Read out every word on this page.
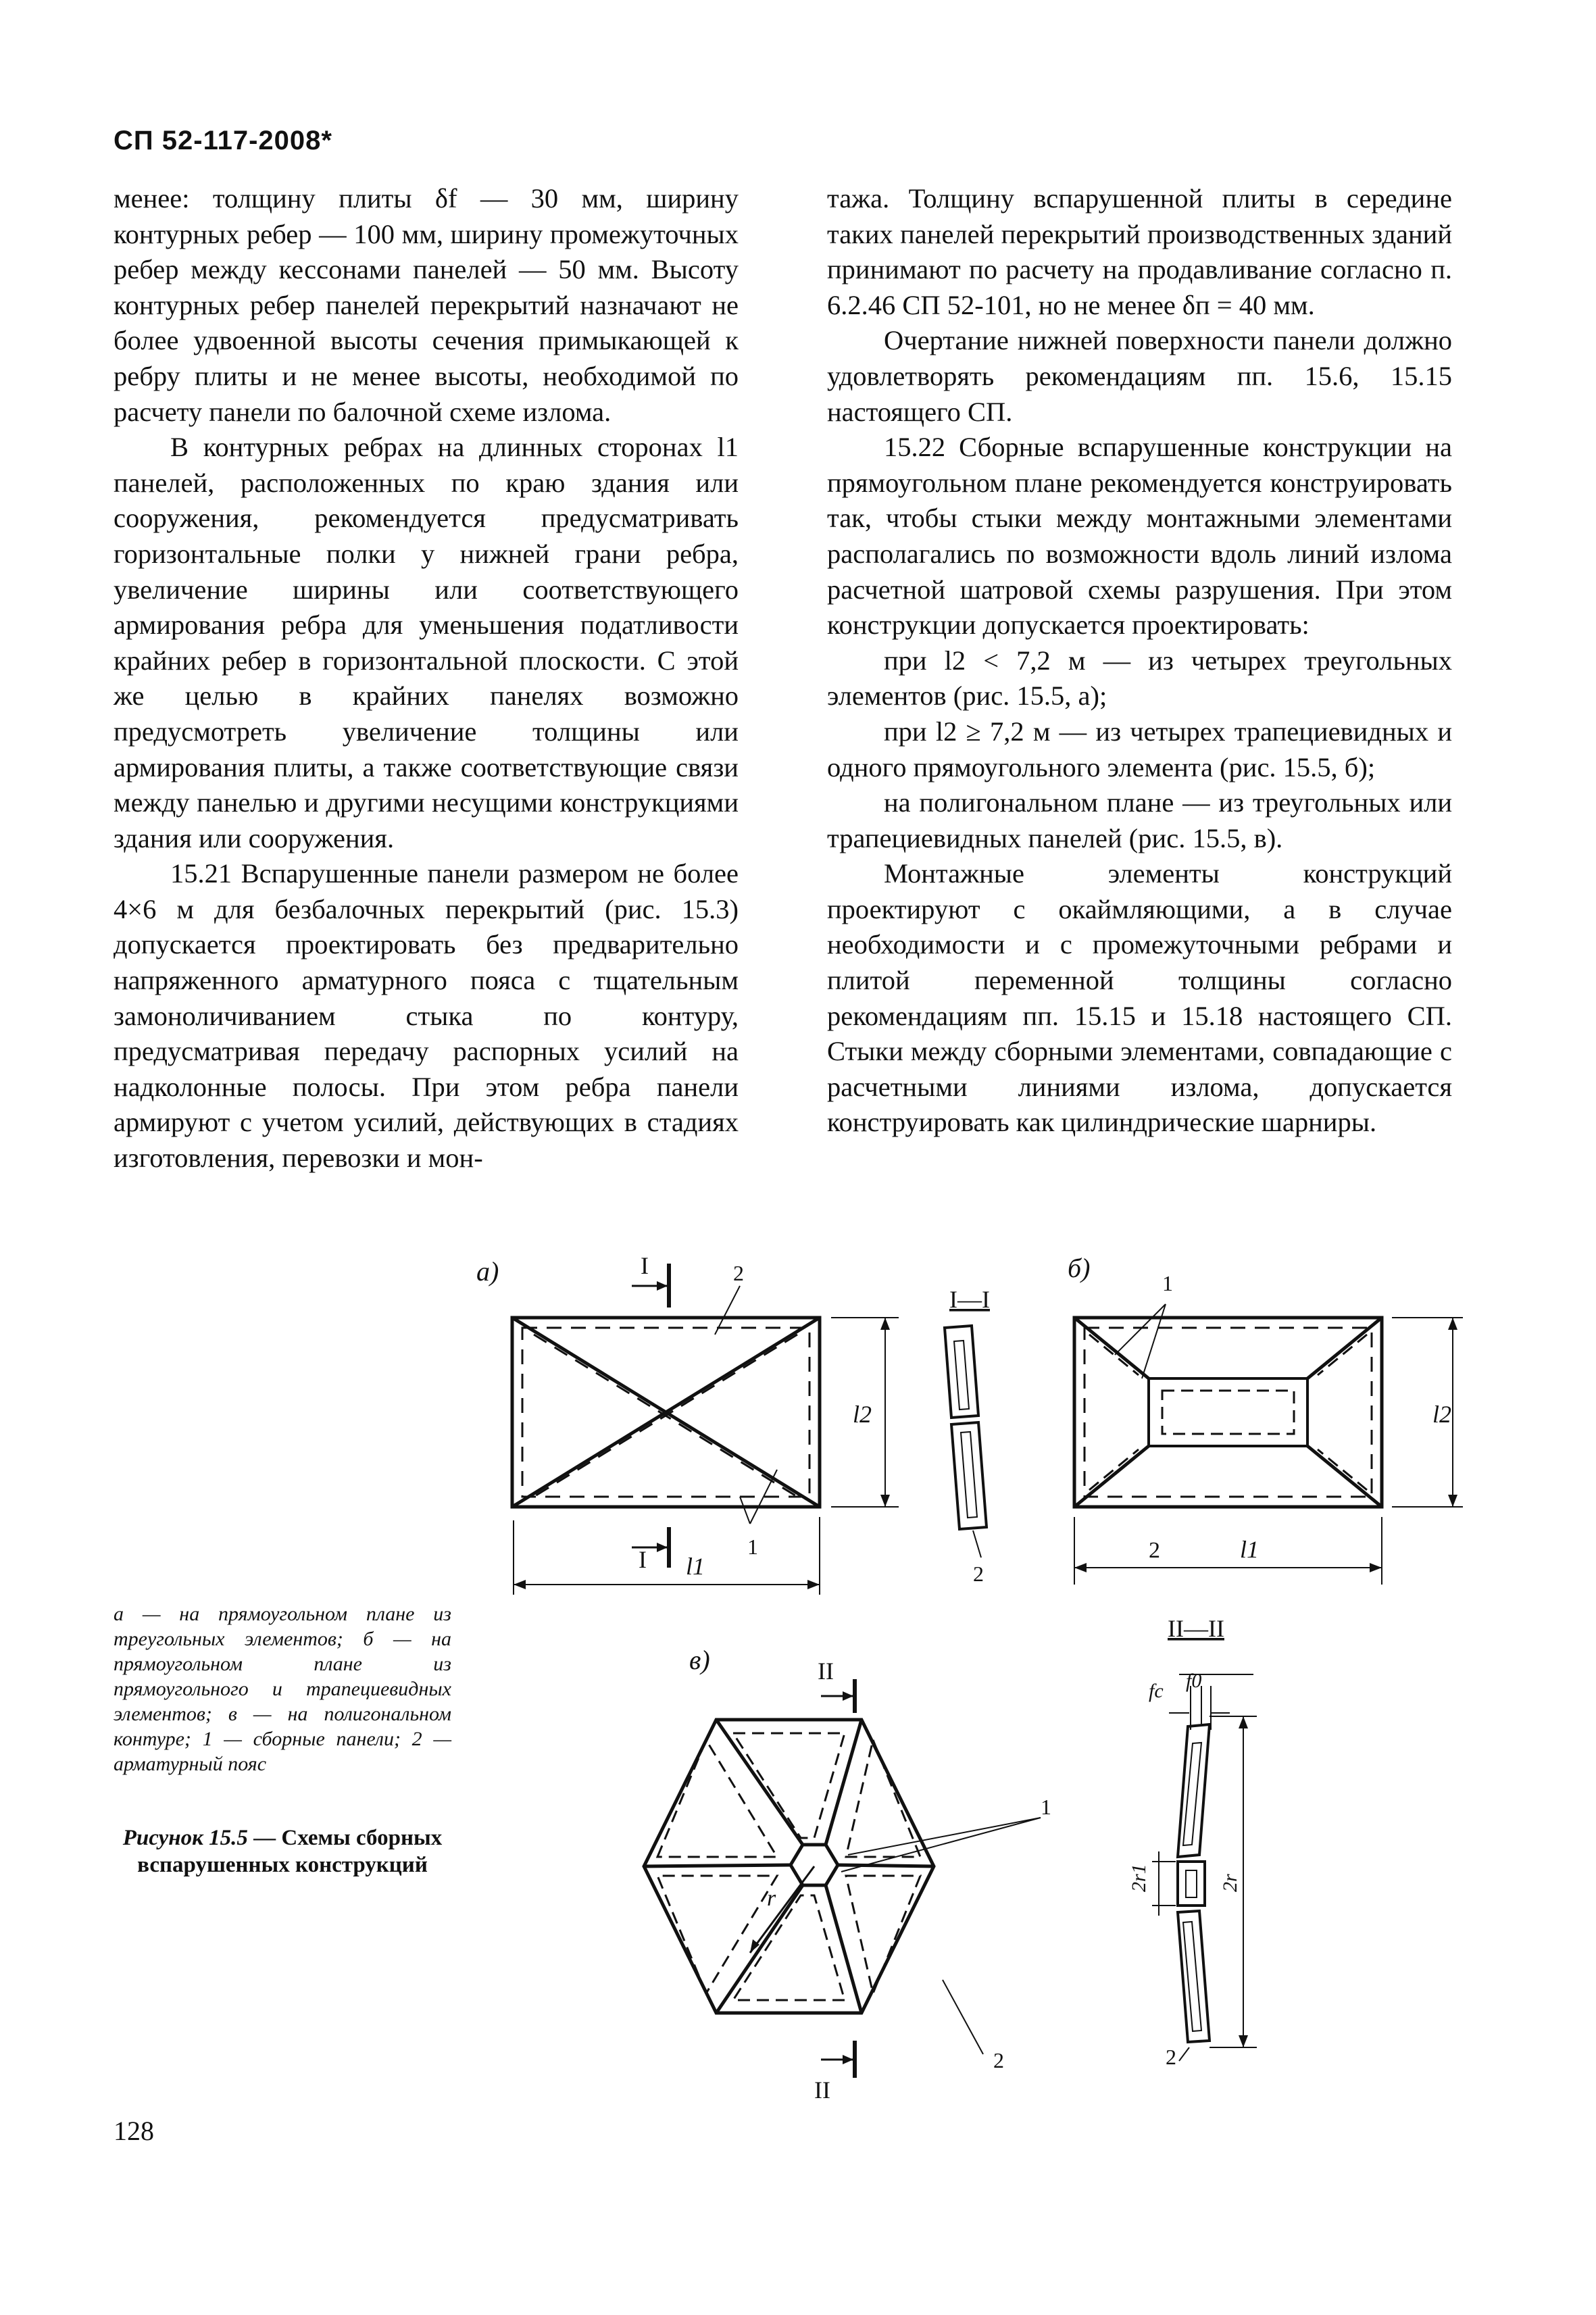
СП 52-117-2008*

менее: толщину плиты δf — 30 мм, ширину контурных ребер — 100 мм, ширину промежуточных ребер между кессонами панелей — 50 мм. Высоту контурных ребер панелей перекрытий назначают не более удвоенной высоты сечения примыкающей к ребру плиты и не менее высоты, необходимой по расчету панели по балочной схеме излома.

В контурных ребрах на длинных сторонах l1 панелей, расположенных по краю здания или сооружения, рекомендуется предусматривать горизонтальные полки у нижней грани ребра, увеличение ширины или соответствующего армирования ребра для уменьшения податливости крайних ребер в горизонтальной плоскости. С этой же целью в крайних панелях возможно предусмотреть увеличение толщины или армирования плиты, а также соответствующие связи между панелью и другими несущими конструкциями здания или сооружения.

15.21 Вспарушенные панели размером не более 4×6 м для безбалочных перекрытий (рис. 15.3) допускается проектировать без предварительно напряженного арматурного пояса с тщательным замоноличиванием стыка по контуру, предусматривая передачу распорных усилий на надколонные полосы. При этом ребра панели армируют с учетом усилий, действующих в стадиях изготовления, перевозки и мон-

тажа. Толщину вспарушенной плиты в середине таких панелей перекрытий производственных зданий принимают по расчету на продавливание согласно п. 6.2.46 СП 52-101, но не менее δп = 40 мм.

Очертание нижней поверхности панели должно удовлетворять рекомендациям пп. 15.6, 15.15 настоящего СП.

15.22 Сборные вспарушенные конструкции на прямоугольном плане рекомендуется конструировать так, чтобы стыки между монтажными элементами располагались по возможности вдоль линий излома расчетной шатровой схемы разрушения. При этом конструкции допускается проектировать:

при l2 < 7,2 м — из четырех треугольных элементов (рис. 15.5, а);

при l2 ≥ 7,2 м — из четырех трапециевидных и одного прямоугольного элемента (рис. 15.5, б);

на полигональном плане — из треугольных или трапециевидных панелей (рис. 15.5, в).

Монтажные элементы конструкций проектируют с окаймляющими, а в случае необходимости и с промежуточными ребрами и плитой переменной толщины согласно рекомендациям пп. 15.15 и 15.18 настоящего СП. Стыки между сборными элементами, совпадающие с расчетными линиями излома, допускается конструировать как цилиндрические шарниры.

а)	I	2
1
I l1
l2
I—I
2
б)	1
2	l1
l2
в)	II
II
1
2
r
II—II
fc f0
2r1	2r
2
а — на прямоугольном плане из треугольных элементов; б — на прямоугольном плане из прямоугольного и трапециевидных элементов; в — на полигональном контуре; 1 — сборные панели; 2 — арматурный пояс
Рисунок 15.5 — Схемы сборных вспарушенных конструкций
128
